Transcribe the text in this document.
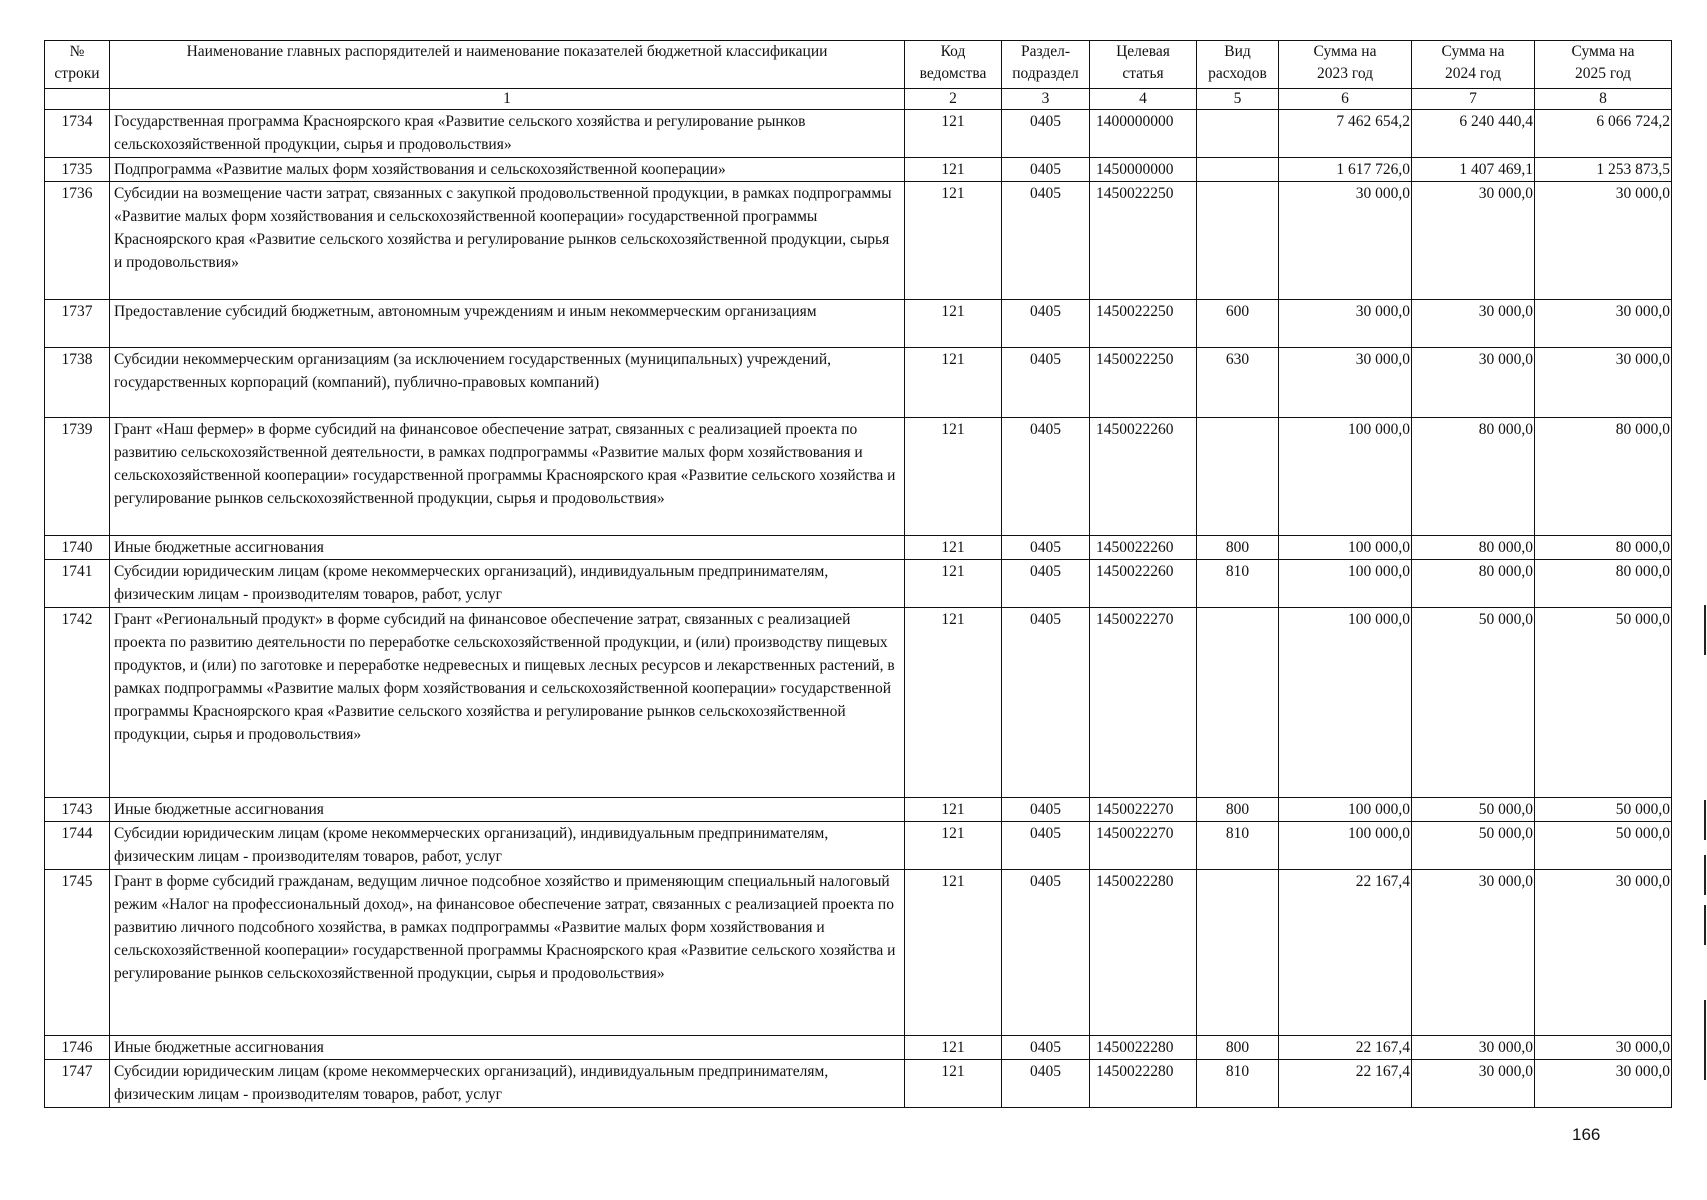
№ строки	Наименование главных распорядителей и наименование показателей бюджетной классификации	Код ведомства	Раздел-подраздел	Целевая статья	Вид расходов	Сумма на 2023 год	Сумма на 2024 год	Сумма на 2025 год
	1	2	3	4	5	6	7	8
1734	Государственная программа Красноярского края «Развитие сельского хозяйства и регулирование рынков сельскохозяйственной продукции, сырья и продовольствия»	121	0405	1400000000		7 462 654,2	6 240 440,4	6 066 724,2
1735	Подпрограмма «Развитие малых форм хозяйствования и сельскохозяйственной кооперации»	121	0405	1450000000		1 617 726,0	1 407 469,1	1 253 873,5
1736	Субсидии на возмещение части затрат, связанных с закупкой продовольственной продукции, в рамках подпрограммы «Развитие малых форм хозяйствования и сельскохозяйственной кооперации» государственной программы Красноярского края «Развитие сельского хозяйства и регулирование рынков сельскохозяйственной продукции, сырья и продовольствия»	121	0405	1450022250		30 000,0	30 000,0	30 000,0
1737	Предоставление субсидий бюджетным, автономным учреждениям и иным некоммерческим организациям	121	0405	1450022250	600	30 000,0	30 000,0	30 000,0
1738	Субсидии некоммерческим организациям (за исключением государственных (муниципальных) учреждений, государственных корпораций (компаний), публично-правовых компаний)	121	0405	1450022250	630	30 000,0	30 000,0	30 000,0
1739	Грант «Наш фермер» в форме субсидий на финансовое обеспечение затрат, связанных с реализацией проекта по развитию сельскохозяйственной деятельности, в рамках подпрограммы «Развитие малых форм хозяйствования и сельскохозяйственной кооперации» государственной программы Красноярского края «Развитие сельского хозяйства и регулирование рынков сельскохозяйственной продукции, сырья и продовольствия»	121	0405	1450022260		100 000,0	80 000,0	80 000,0
1740	Иные бюджетные ассигнования	121	0405	1450022260	800	100 000,0	80 000,0	80 000,0
1741	Субсидии юридическим лицам (кроме некоммерческих организаций), индивидуальным предпринимателям, физическим лицам - производителям товаров, работ, услуг	121	0405	1450022260	810	100 000,0	80 000,0	80 000,0
1742	Грант «Региональный продукт» в форме субсидий на финансовое обеспечение затрат, связанных с реализацией проекта по развитию деятельности по переработке сельскохозяйственной продукции, и (или) производству пищевых продуктов, и (или) по заготовке и переработке недревесных и пищевых лесных ресурсов и лекарственных растений, в рамках подпрограммы «Развитие малых форм хозяйствования и сельскохозяйственной кооперации» государственной программы Красноярского края «Развитие сельского хозяйства и регулирование рынков сельскохозяйственной продукции, сырья и продовольствия»	121	0405	1450022270		100 000,0	50 000,0	50 000,0
1743	Иные бюджетные ассигнования	121	0405	1450022270	800	100 000,0	50 000,0	50 000,0
1744	Субсидии юридическим лицам (кроме некоммерческих организаций), индивидуальным предпринимателям, физическим лицам - производителям товаров, работ, услуг	121	0405	1450022270	810	100 000,0	50 000,0	50 000,0
1745	Грант в форме субсидий гражданам, ведущим личное подсобное хозяйство и применяющим специальный налоговый режим «Налог на профессиональный доход», на финансовое обеспечение затрат, связанных с реализацией проекта по развитию личного подсобного хозяйства, в рамках подпрограммы «Развитие малых форм хозяйствования и сельскохозяйственной кооперации» государственной программы Красноярского края «Развитие сельского хозяйства и регулирование рынков сельскохозяйственной продукции, сырья и продовольствия»	121	0405	1450022280		22 167,4	30 000,0	30 000,0
1746	Иные бюджетные ассигнования	121	0405	1450022280	800	22 167,4	30 000,0	30 000,0
1747	Субсидии юридическим лицам (кроме некоммерческих организаций), индивидуальным предпринимателям, физическим лицам - производителям товаров, работ, услуг	121	0405	1450022280	810	22 167,4	30 000,0	30 000,0
166
